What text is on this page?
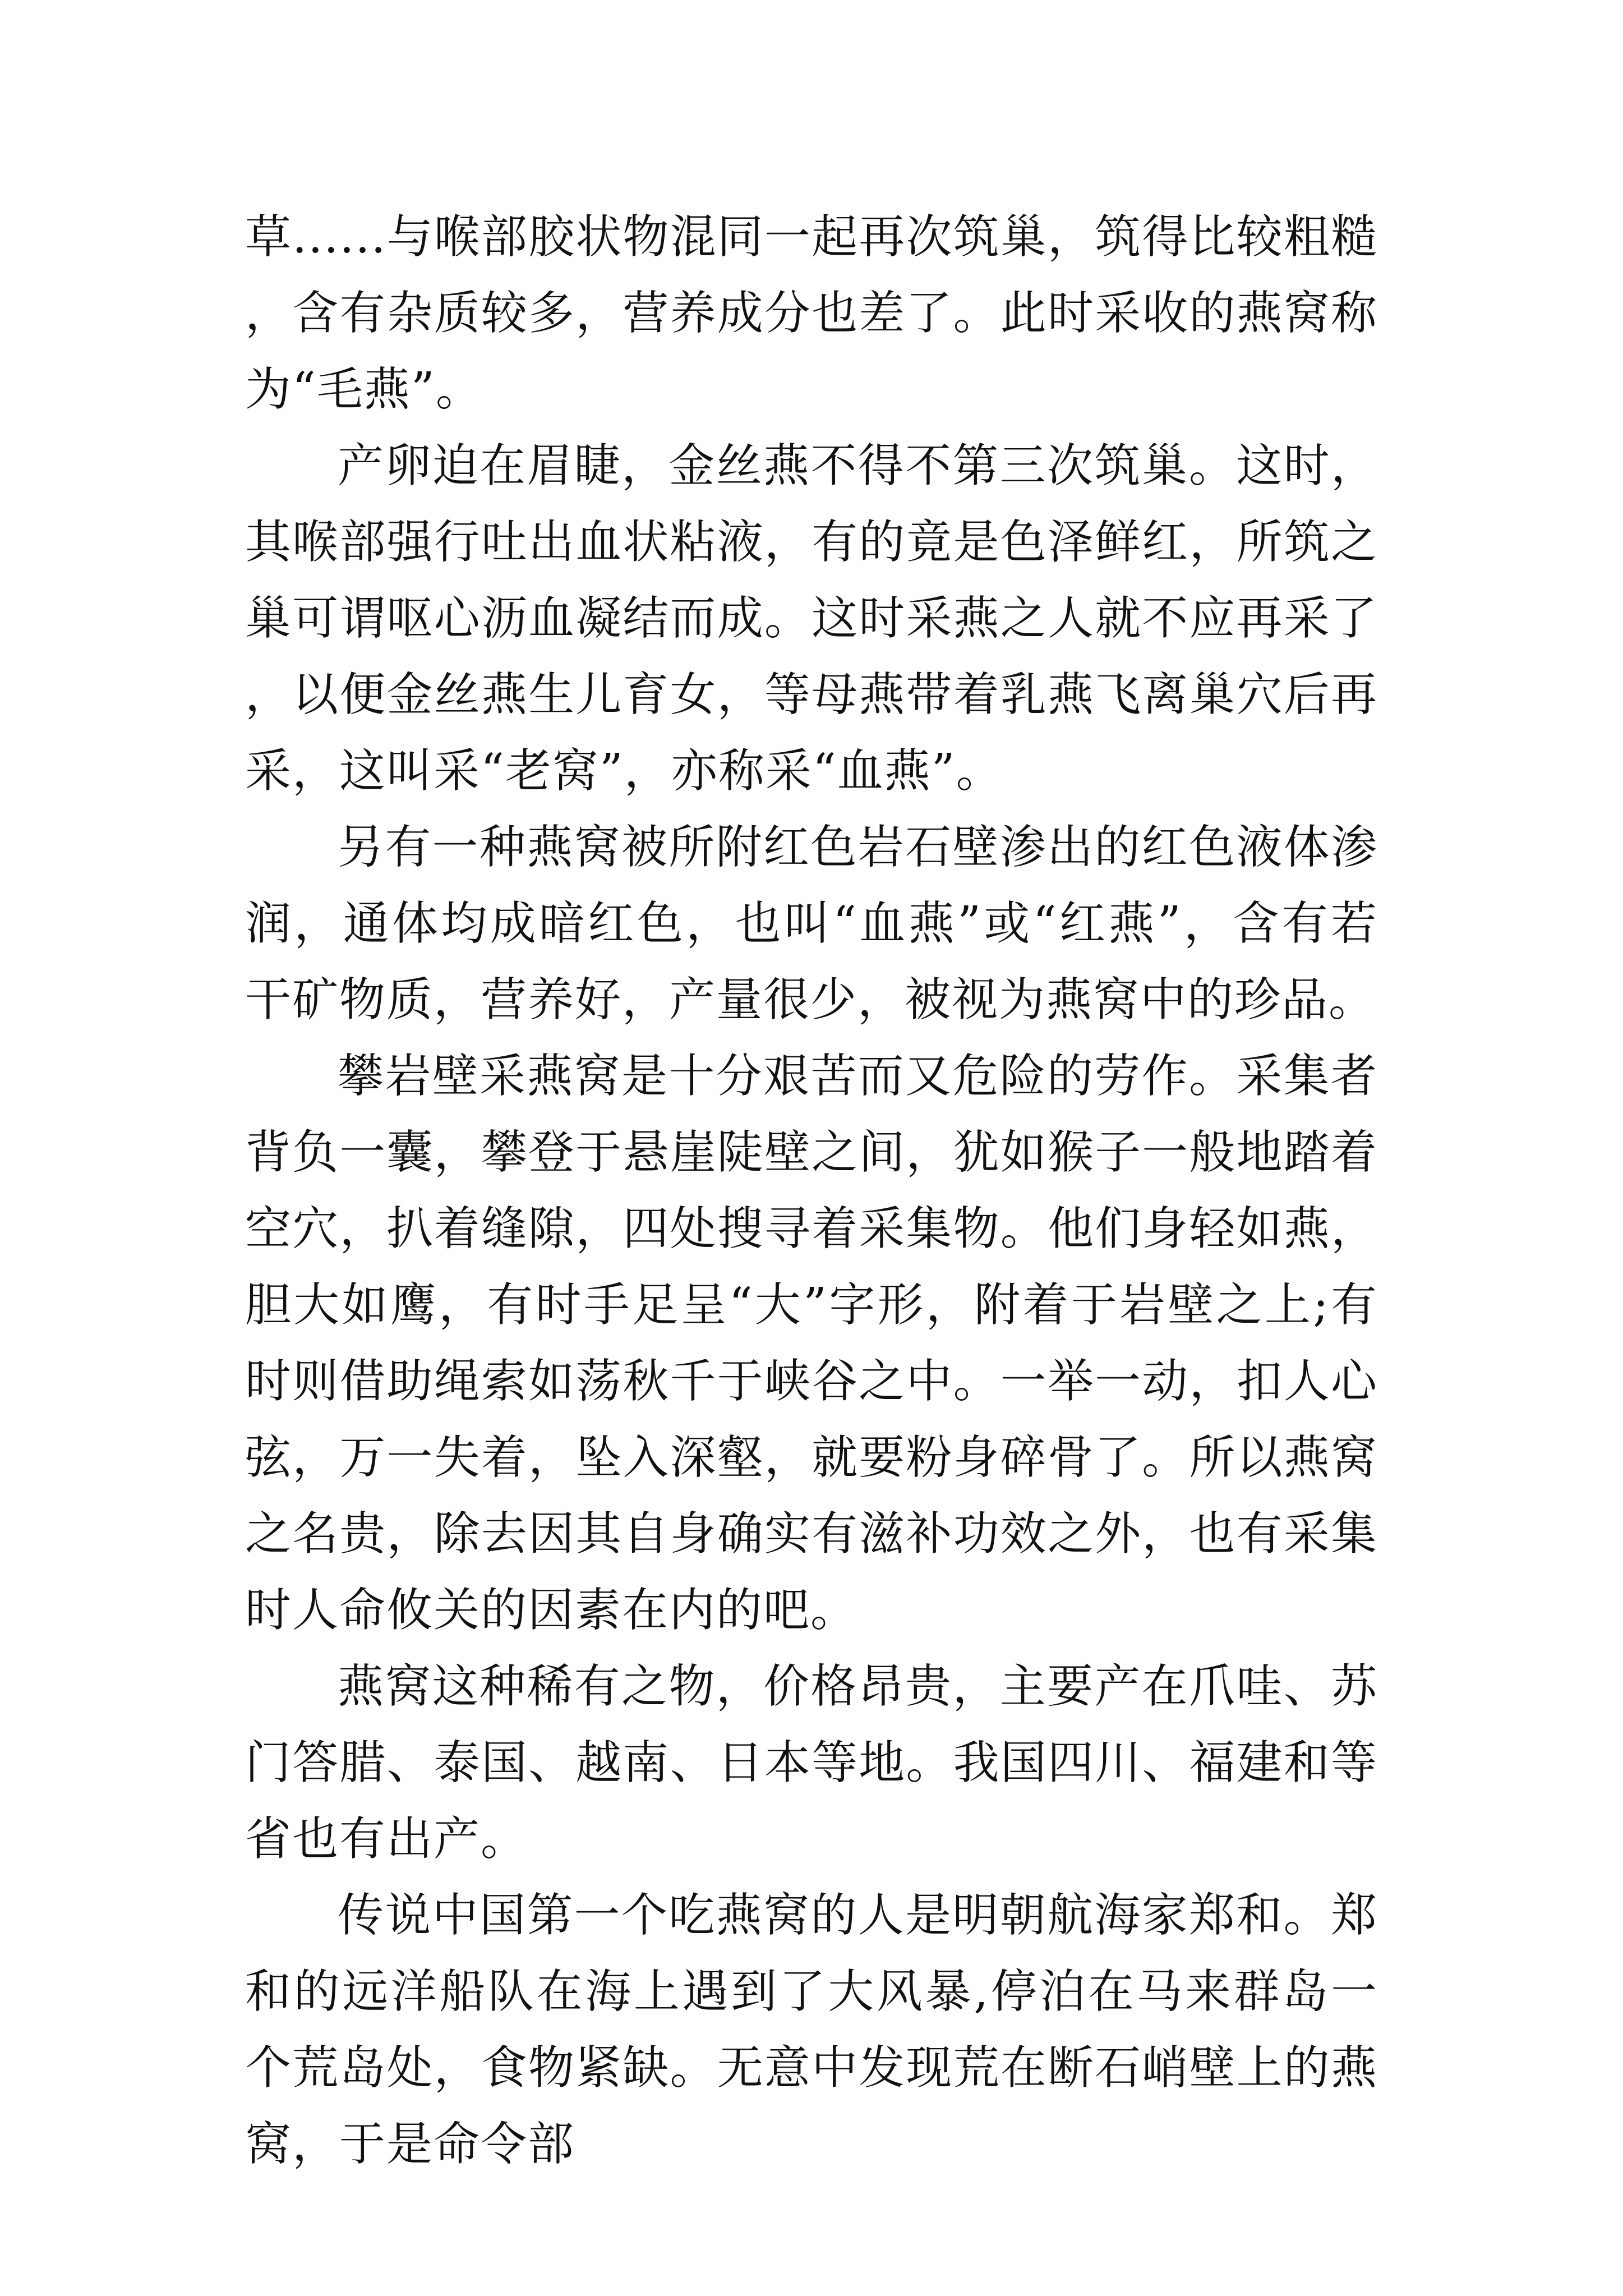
草......与喉部胶状物混同一起再次筑巢，筑得比较粗糙，含有杂质较多，营养成分也差了。此时采收的燕窝称为“毛燕”。

产卵迫在眉睫，金丝燕不得不第三次筑巢。这时，其喉部强行吐出血状粘液，有的竟是色泽鲜红，所筑之巢可谓呕心沥血凝结而成。这时采燕之人就不应再采了，以便金丝燕生儿育女，等母燕带着乳燕飞离巢穴后再采，这叫采“老窝”，亦称采“血燕”。

另有一种燕窝被所附红色岩石壁渗出的红色液体渗润，通体均成暗红色，也叫“血燕”或“红燕”，含有若干矿物质，营养好，产量很少，被视为燕窝中的珍品。

攀岩壁采燕窝是十分艰苦而又危险的劳作。采集者背负一囊，攀登于悬崖陡壁之间，犹如猴子一般地踏着空穴，扒着缝隙，四处搜寻着采集物。他们身轻如燕，胆大如鹰，有时手足呈“大”字形，附着于岩壁之上;有时则借助绳索如荡秋千于峡谷之中。一举一动，扣人心弦，万一失着，坠入深壑，就要粉身碎骨了。所以燕窝之名贵，除去因其自身确实有滋补功效之外，也有采集时人命攸关的因素在内的吧。

燕窝这种稀有之物，价格昂贵，主要产在爪哇、苏门答腊、泰国、越南、日本等地。我国四川、福建和等省也有出产。

传说中国第一个吃燕窝的人是明朝航海家郑和。郑和的远洋船队在海上遇到了大风暴,停泊在马来群岛一个荒岛处，食物紧缺。无意中发现荒在断石峭壁上的燕窝，于是命令部
